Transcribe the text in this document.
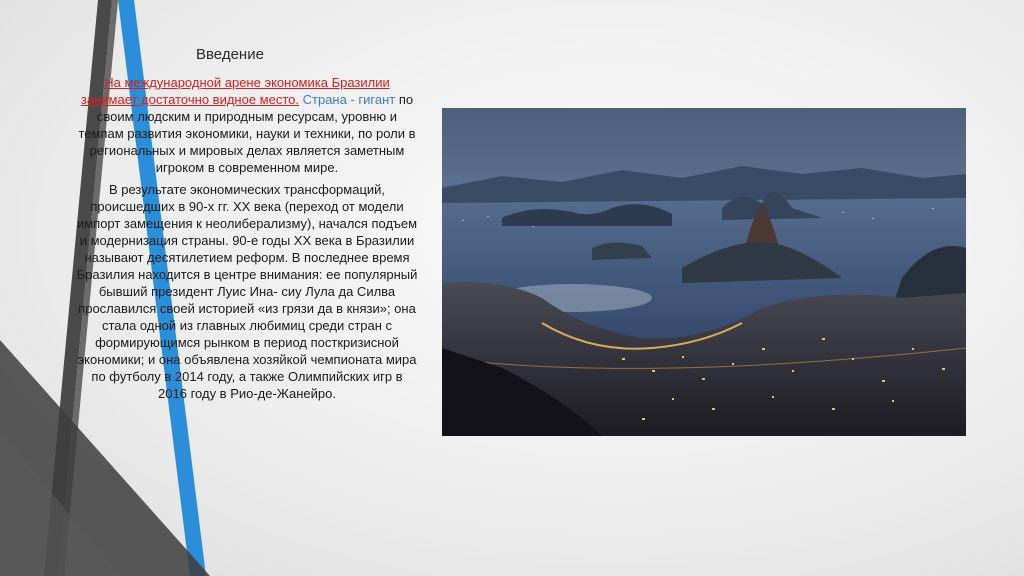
Введение

На международной арене экономика Бразилии занимает достаточно видное место. Страна - гигант по своим людским и природным ресурсам, уровню и темпам развития экономики, науки и техники, по роли в региональных и мировых делах является заметным игроком в современном мире.

В результате экономических трансформаций, происшедших в 90-х гг. XX века (переход от модели импорт замещения к неолиберализму), начался подъем и модернизация страны. 90-е годы XX века в Бразилии называют десятилетием реформ. В последнее время Бразилия находится в центре внимания: ее популярный бывший президент Луис Ина- сиу Лула да Силва прославился своей историей «из грязи да в князи»; она стала одной из главных любимиц среди стран с формирующимся рынком в период посткризисной экономики; и она объявлена хозяйкой чемпионата мира по футболу в 2014 году, а также Олимпийских игр в 2016 году в Рио-де-Жанейро.
